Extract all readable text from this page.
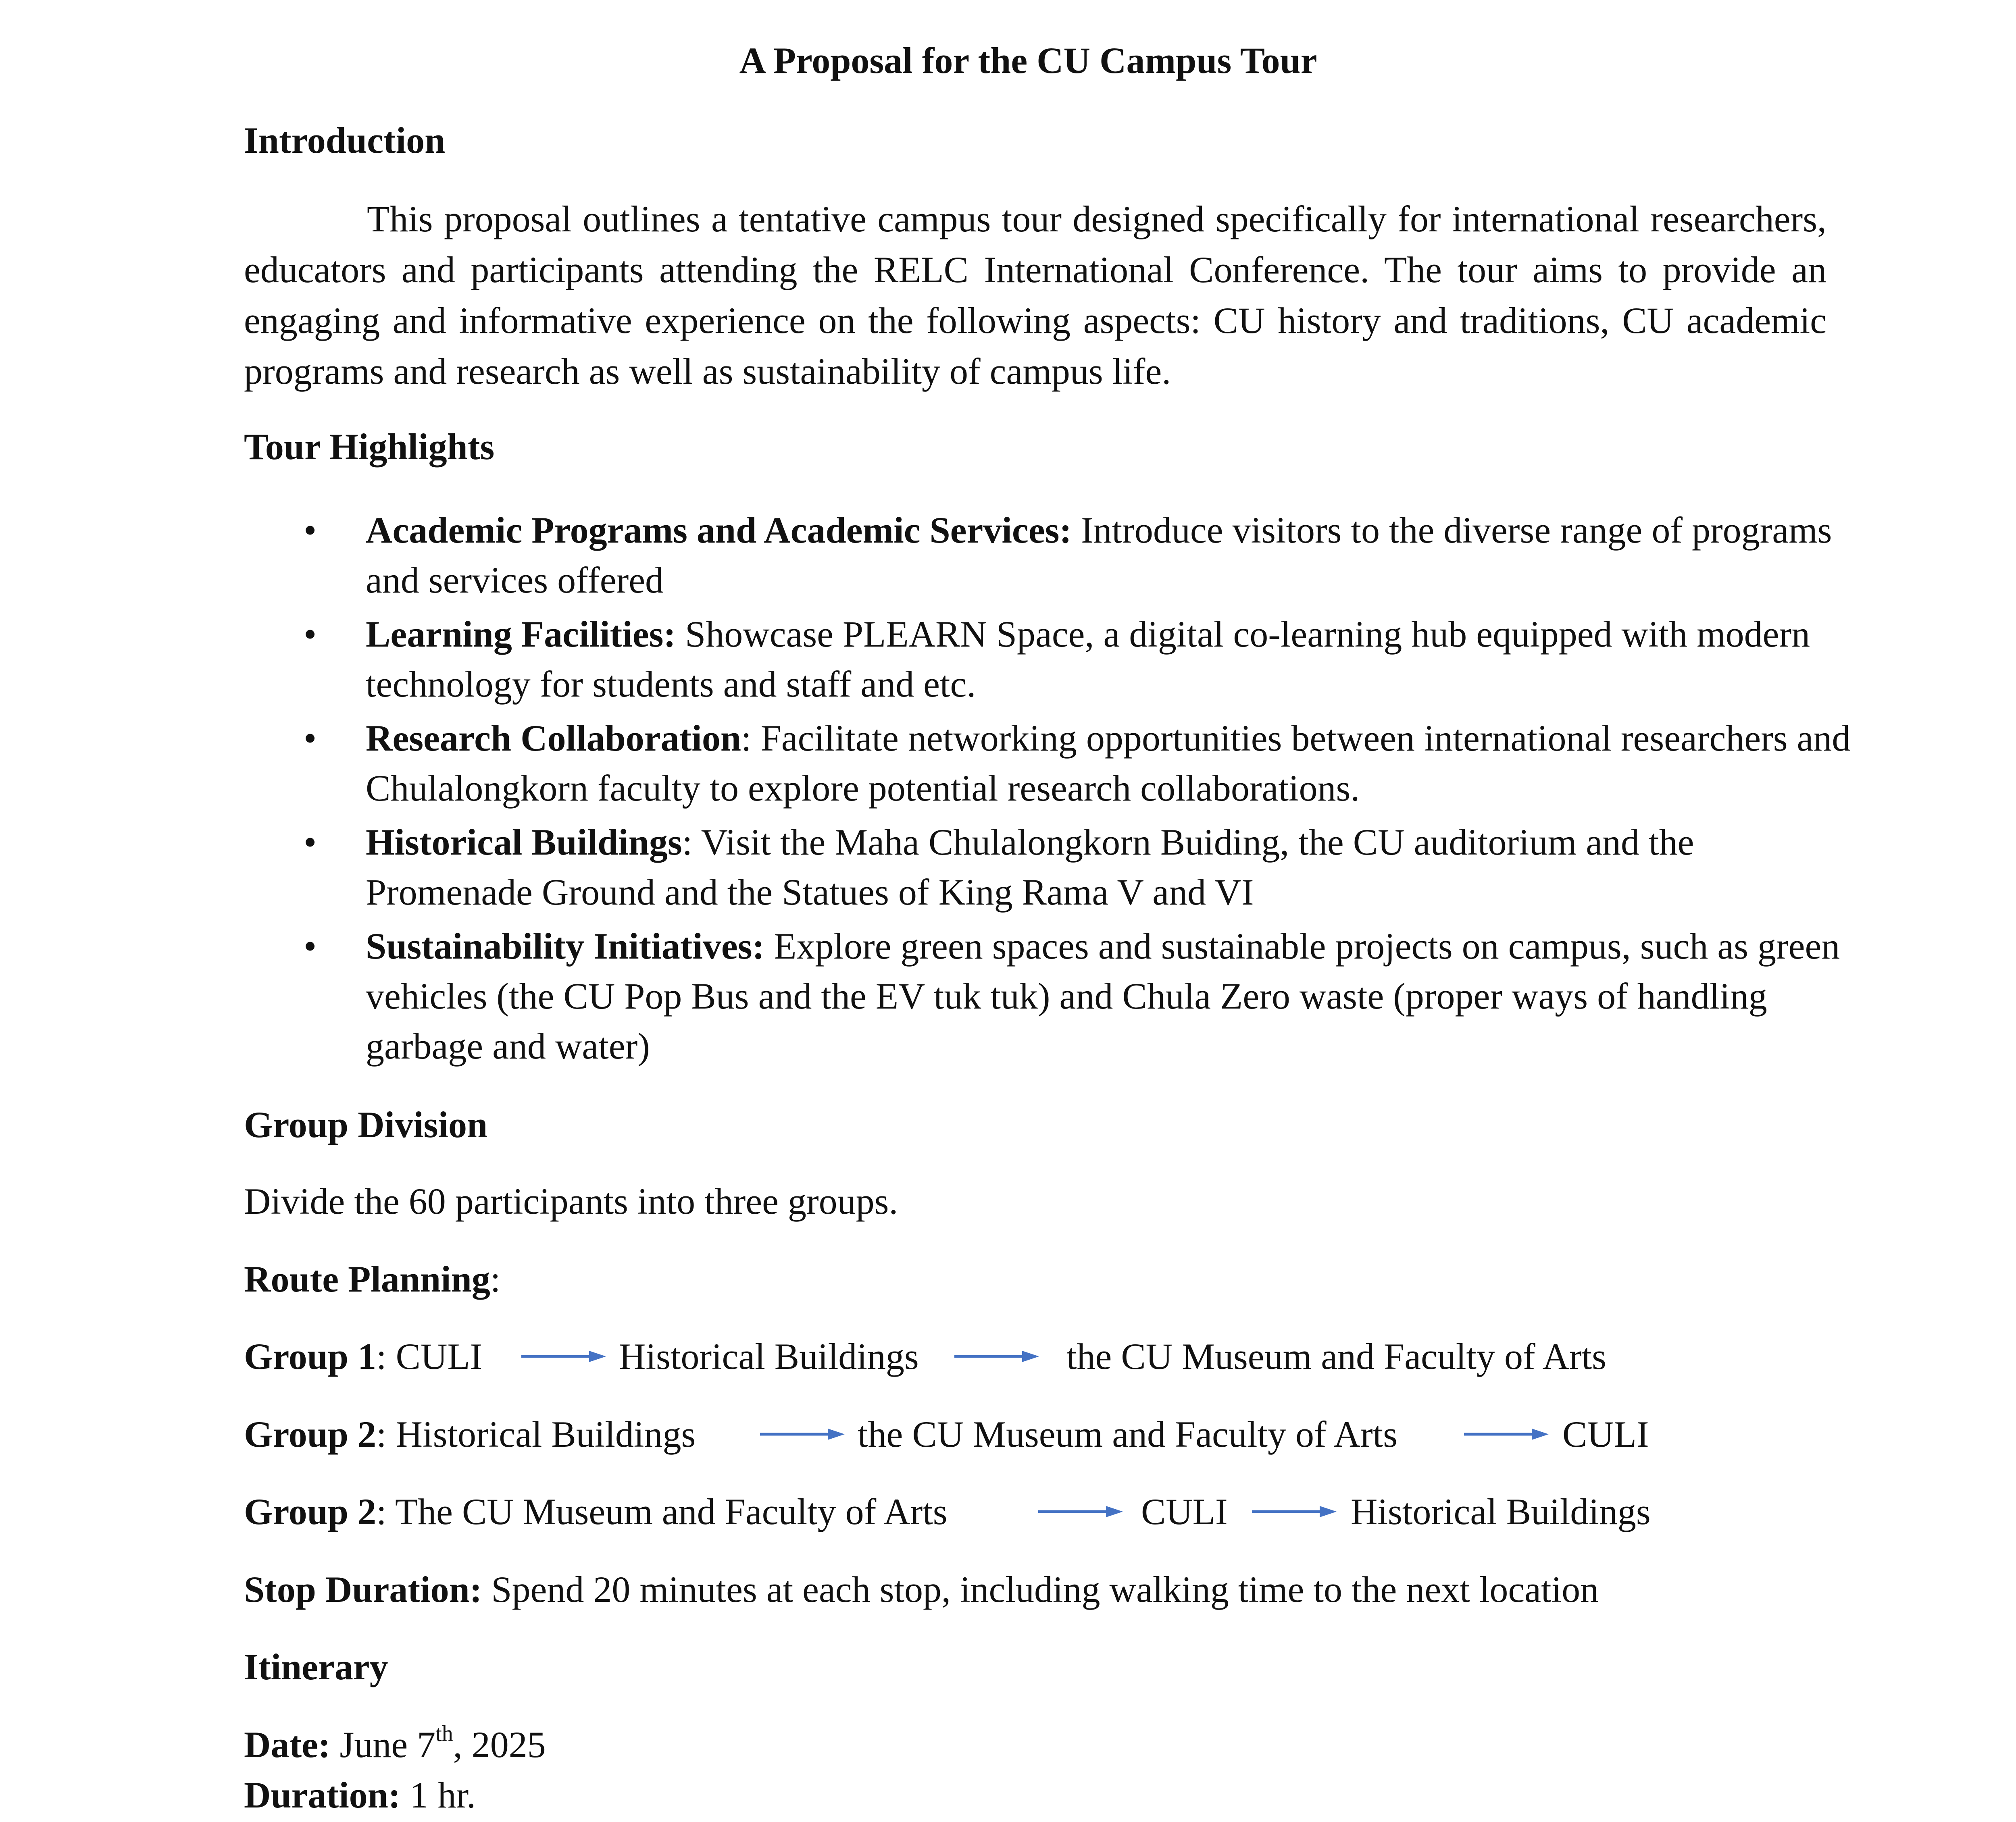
A Proposal for the CU Campus Tour
Introduction
This proposal outlines a tentative campus tour designed specifically for international researchers, educators and participants attending the RELC International Conference. The tour aims to provide an engaging and informative experience on the following aspects: CU history and traditions, CU academic programs and research as well as sustainability of campus life.
Tour Highlights
• Academic Programs and Academic Services: Introduce visitors to the diverse range of programs and services offered
• Learning Facilities: Showcase PLEARN Space, a digital co-learning hub equipped with modern technology for students and staff and etc.
• Research Collaboration: Facilitate networking opportunities between international researchers and Chulalongkorn faculty to explore potential research collaborations.
• Historical Buildings: Visit the Maha Chulalongkorn Buiding, the CU auditorium and the Promenade Ground and the Statues of King Rama V and VI
• Sustainability Initiatives: Explore green spaces and sustainable projects on campus, such as green vehicles (the CU Pop Bus and the EV tuk tuk) and Chula Zero waste (proper ways of handling garbage and water)
Group Division
Divide the 60 participants into three groups.
Route Planning:
Group 1: CULI	Historical Buildings	the CU Museum and Faculty of Arts
Group 2: Historical Buildings	the CU Museum and Faculty of Arts	CULI
Group 2: The CU Museum and Faculty of Arts	CULI	Historical Buildings
Stop Duration: Spend 20 minutes at each stop, including walking time to the next location
Itinerary
Date: June 7th, 2025
Duration: 1 hr.
